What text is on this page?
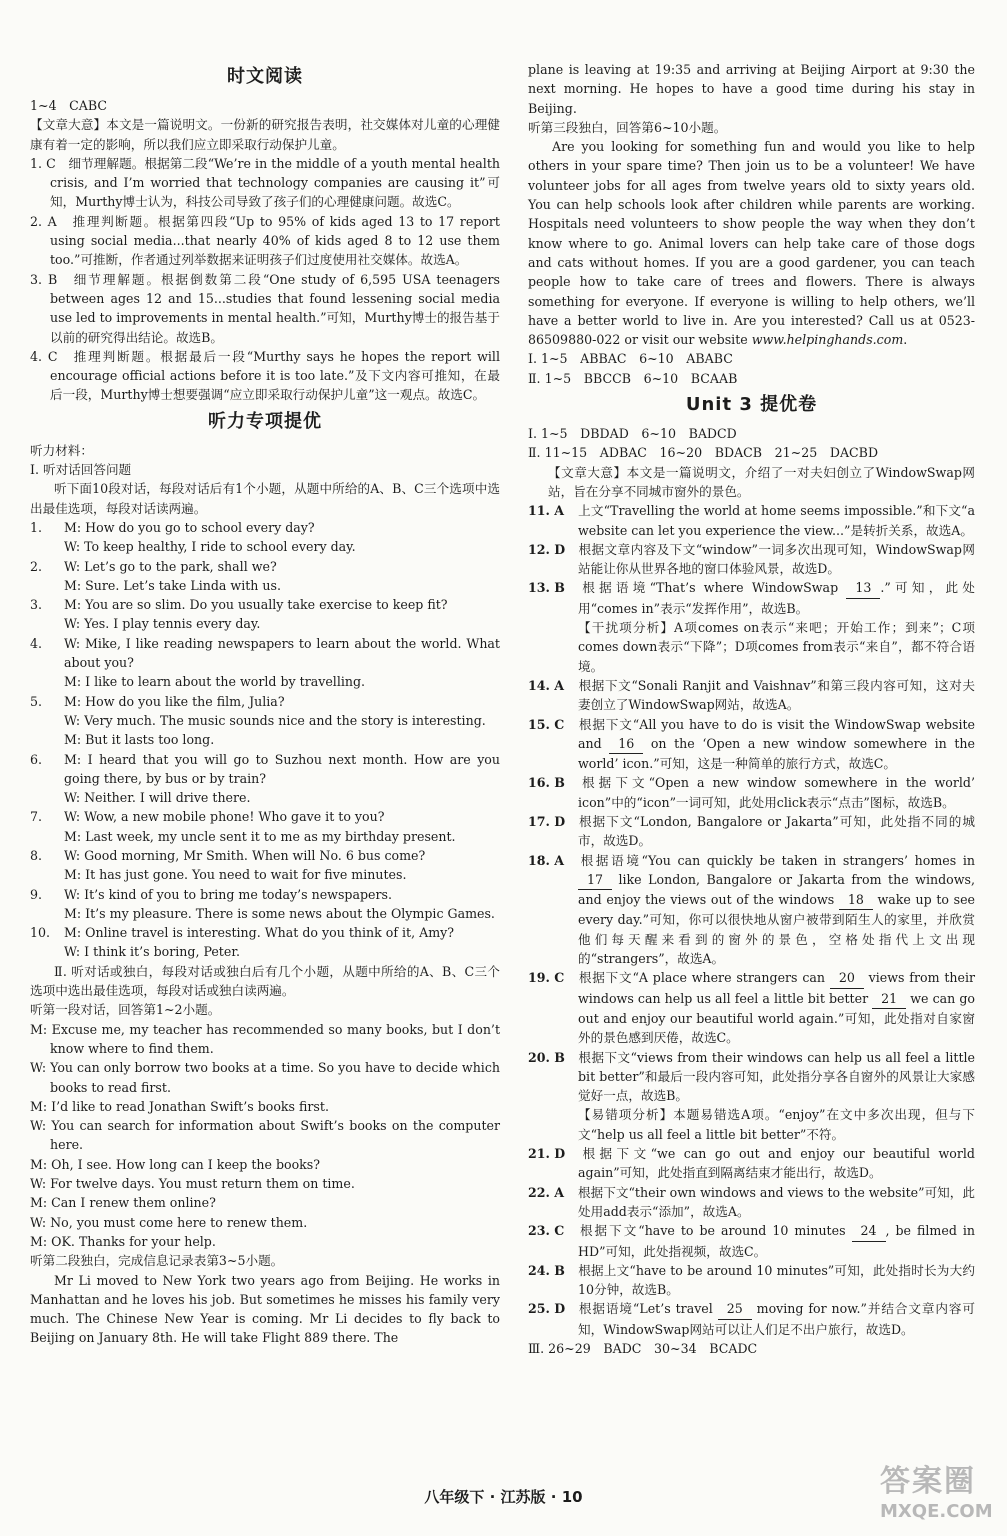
时文阅读

1~4　CABC

【文章大意】本文是一篇说明文。一份新的研究报告表明，社交媒体对儿童的心理健康有着一定的影响，所以我们应立即采取行动保护儿童。

1. C　细节理解题。根据第二段“We’re in the middle of a youth mental health crisis, and I’m worried that technology companies are causing it”可知，Murthy博士认为，科技公司导致了孩子们的心理健康问题。故选C。

2. A　推理判断题。根据第四段“Up to 95% of kids aged 13 to 17 report using social media...that nearly 40% of kids aged 8 to 12 use them too.”可推断，作者通过列举数据来证明孩子们过度使用社交媒体。故选A。

3. B　细节理解题。根据倒数第二段“One study of 6,595 USA teenagers between ages 12 and 15...studies that found lessening social media use led to improvements in mental health.”可知，Murthy博士的报告基于以前的研究得出结论。故选B。

4. C　推理判断题。根据最后一段“Murthy says he hopes the report will encourage official actions before it is too late.”及下文内容可推知，在最后一段，Murthy博士想要强调“应立即采取行动保护儿童”这一观点。故选C。

听力专项提优

听力材料：

Ⅰ. 听对话回答问题

听下面10段对话，每段对话后有1个小题，从题中所给的A、B、C三个选项中选出最佳选项，每段对话读两遍。

1.M: How do you go to school every day?

W: To keep healthy, I ride to school every day.

2.W: Let’s go to the park, shall we?

M: Sure. Let’s take Linda with us.

3.M: You are so slim. Do you usually take exercise to keep fit?

W: Yes. I play tennis every day.

4.W: Mike, I like reading newspapers to learn about the world. What about you?

M: I like to learn about the world by travelling.

5.M: How do you like the film, Julia?

W: Very much. The music sounds nice and the story is interesting.

M: But it lasts too long.

6.M: I heard that you will go to Suzhou next month. How are you going there, by bus or by train?

W: Neither. I will drive there.

7.W: Wow, a new mobile phone! Who gave it to you?

M: Last week, my uncle sent it to me as my birthday present.

8.W: Good morning, Mr Smith. When will No. 6 bus come?

M: It has just gone. You need to wait for five minutes.

9.W: It’s kind of you to bring me today’s newspapers.

M: It’s my pleasure. There is some news about the Olympic Games.

10.M: Online travel is interesting. What do you think of it, Amy?

W: I think it’s boring, Peter.

Ⅱ. 听对话或独白，每段对话或独白后有几个小题，从题中所给的A、B、C三个选项中选出最佳选项，每段对话或独白读两遍。

听第一段对话，回答第1~2小题。

M: Excuse me, my teacher has recommended so many books, but I don’t know where to find them.

W: You can only borrow two books at a time. So you have to decide which books to read first.

M: I’d like to read Jonathan Swift’s books first.

W: You can search for information about Swift’s books on the computer here.

M: Oh, I see. How long can I keep the books?

W: For twelve days. You must return them on time.

M: Can I renew them online?

W: No, you must come here to renew them.

M: OK. Thanks for your help.

听第二段独白，完成信息记录表第3~5小题。

Mr Li moved to New York two years ago from Beijing. He works in Manhattan and he loves his job. But sometimes he misses his family very much. The Chinese New Year is coming. Mr Li decides to fly back to Beijing on January 8th. He will take Flight 889 there. The

plane is leaving at 19:35 and arriving at Beijing Airport at 9:30 the next morning. He hopes to have a good time during his stay in Beijing.

听第三段独白，回答第6~10小题。

Are you looking for something fun and would you like to help others in your spare time? Then join us to be a volunteer! We have volunteer jobs for all ages from twelve years old to sixty years old. You can help schools look after children while parents are working. Hospitals need volunteers to show people the way when they don’t know where to go. Animal lovers can help take care of those dogs and cats without homes. If you are a good gardener, you can teach people how to take care of trees and flowers. There is always something for everyone. If everyone is willing to help others, we’ll have a better world to live in. Are you interested? Call us at 0523-86509880-022 or visit our website www.helpinghands.com.

Ⅰ. 1~5　ABBAC　6~10　ABABC

Ⅱ. 1~5　BBCCB　6~10　BCAAB

Unit 3 提优卷

Ⅰ. 1~5　DBDAD　6~10　BADCD

Ⅱ. 11~15　ADBAC　16~20　BDACB　21~25　DACBD

【文章大意】本文是一篇说明文，介绍了一对夫妇创立了WindowSwap网站，旨在分享不同城市窗外的景色。

11. A 上文“Travelling the world at home seems impossible.”和下文“a website can let you experience the view...”是转折关系，故选A。

12. D 根据文章内容及下文“window”一词多次出现可知，WindowSwap网站能让你从世界各地的窗口体验风景，故选D。

13. B 根据语境“That’s where WindowSwap 13 .”可知，此处用“comes in”表示“发挥作用”，故选B。

【干扰项分析】A项comes on表示“来吧；开始工作；到来”；C项comes down表示“下降”；D项comes from表示“来自”，都不符合语境。

14. A 根据下文“Sonali Ranjit and Vaishnav”和第三段内容可知，这对夫妻创立了WindowSwap网站，故选A。

15. C 根据下文“All you have to do is visit the WindowSwap website and 16 on the ‘Open a new window somewhere in the world’ icon.”可知，这是一种简单的旅行方式，故选C。

16. B 根据下文“Open a new window somewhere in the world’ icon”中的“icon”一词可知，此处用click表示“点击”图标，故选B。

17. D 根据下文“London, Bangalore or Jakarta”可知，此处指不同的城市，故选D。

18. A 根据语境“You can quickly be taken in strangers’ homes in 17 like London, Bangalore or Jakarta from the windows, and enjoy the views out of the windows 18 wake up to see every day.”可知，你可以很快地从窗户被带到陌生人的家里，并欣赏他们每天醒来看到的窗外的景色，空格处指代上文出现的“strangers”，故选A。

19. C 根据下文“A place where strangers can 20 views from their windows can help us all feel a little bit better 21 we can go out and enjoy our beautiful world again.”可知，此处指对自家窗外的景色感到厌倦，故选C。

20. B 根据下文“views from their windows can help us all feel a little bit better”和最后一段内容可知，此处指分享各自窗外的风景让大家感觉好一点，故选B。

【易错项分析】本题易错选A项。“enjoy”在文中多次出现，但与下文“help us all feel a little bit better”不符。

21. D 根据下文“we can go out and enjoy our beautiful world again”可知，此处指直到隔离结束才能出行，故选D。

22. A 根据下文“their own windows and views to the website”可知，此处用add表示“添加”，故选A。

23. C 根据下文“have to be around 10 minutes 24 , be filmed in HD”可知，此处指视频，故选C。

24. B 根据上文“have to be around 10 minutes”可知，此处指时长为大约10分钟，故选B。

25. D 根据语境“Let’s travel 25 moving for now.”并结合文章内容可知，WindowSwap网站可以让人们足不出户旅行，故选D。

Ⅲ. 26~29　BADC　30~34　BCADC

八年级下 · 江苏版 · 10	答案圈
MXQE.COM
